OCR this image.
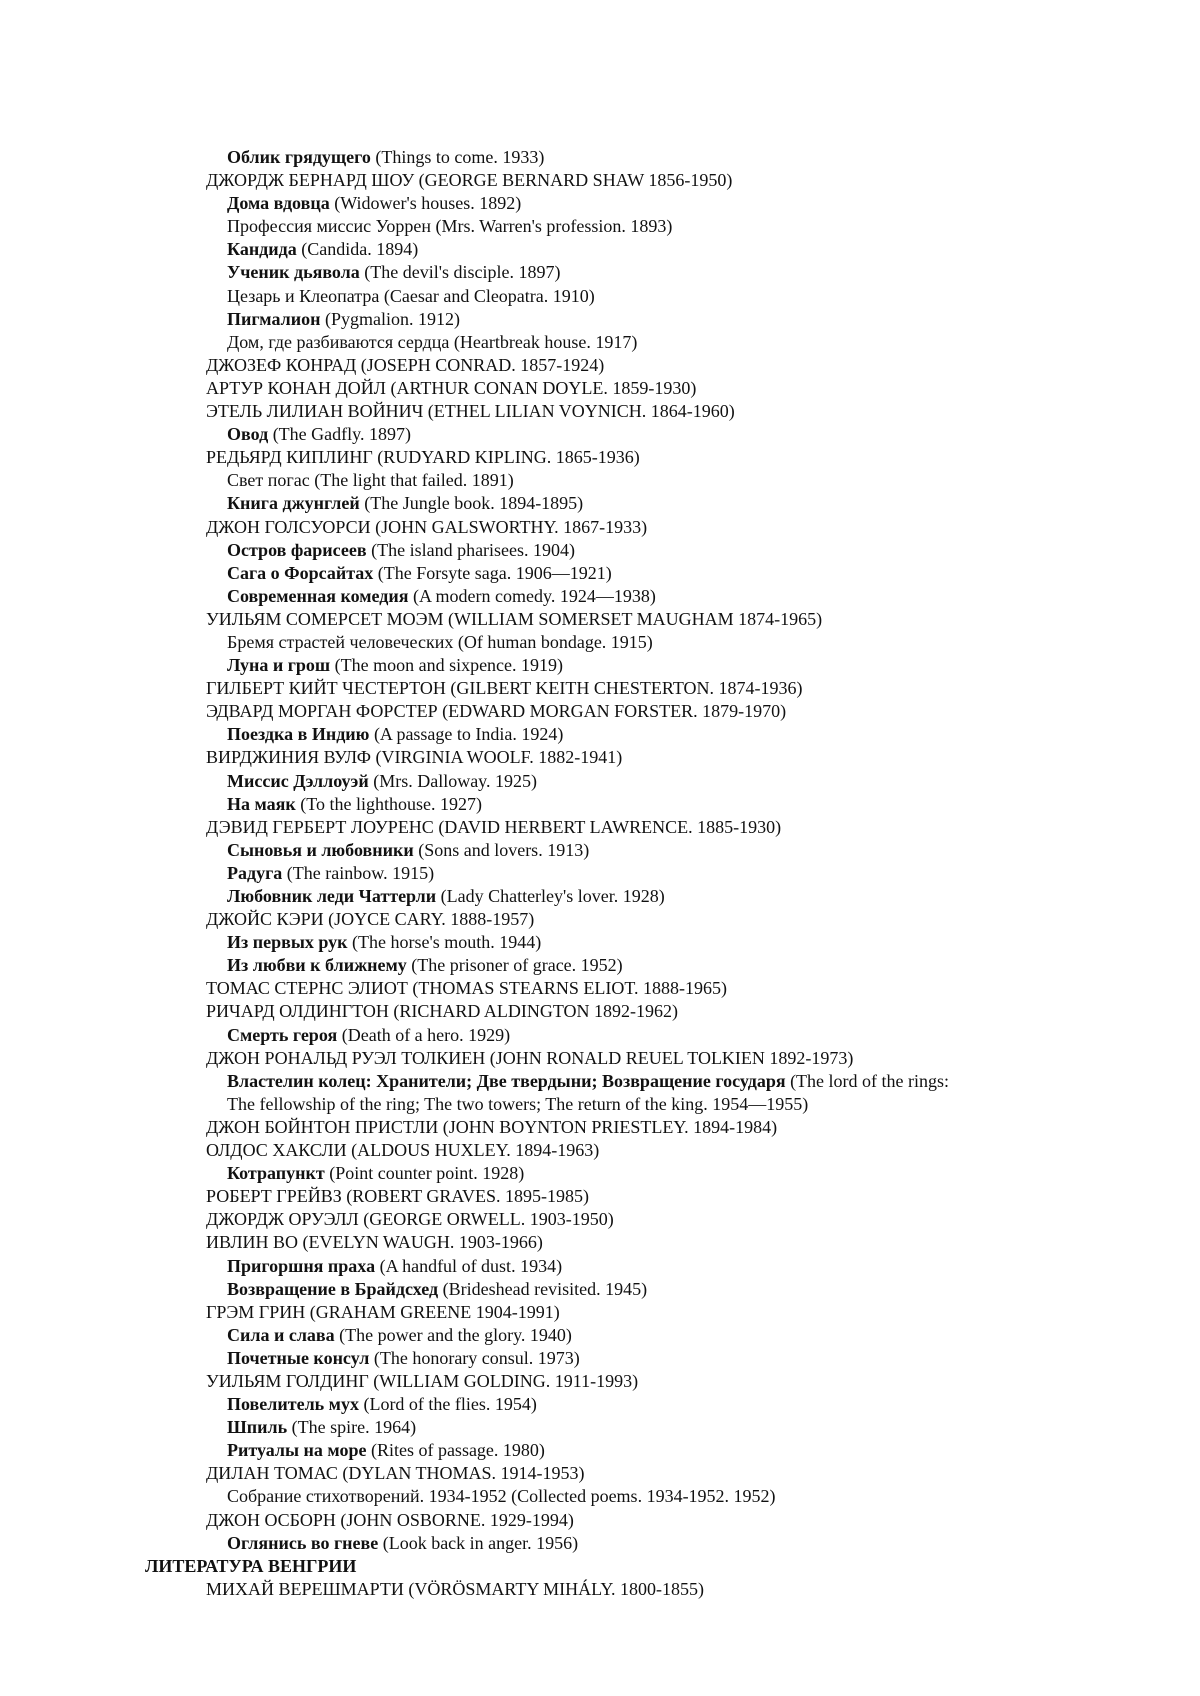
Облик грядущего (Things to come. 1933)
ДЖОРДЖ БЕРНАРД ШОУ (GEORGE BERNARD SHAW 1856-1950)
Дома вдовца (Widower's houses. 1892)
Профессия миссис Уоррен (Mrs. Warren's profession. 1893)
Кандида (Candida. 1894)
Ученик дьявола (The devil's disciple. 1897)
Цезарь и Клеопатра (Caesar and Cleopatra. 1910)
Пигмалион (Pygmalion. 1912)
Дом, где разбиваются сердца (Heartbreak house. 1917)
ДЖОЗЕФ КОНРАД (JOSEPH CONRAD. 1857-1924)
АРТУР КОНАН ДОЙЛ (ARTHUR CONAN DOYLE. 1859-1930)
ЭТЕЛЬ ЛИЛИАН ВОЙНИЧ (ETHEL LILIAN VOYNICH. 1864-1960)
Овод (The Gadfly. 1897)
РЕДЬЯРД КИПЛИНГ (RUDYARD KIPLING. 1865-1936)
Свет погас (The light that failed. 1891)
Книга джунглей (The Jungle book. 1894-1895)
ДЖОН ГОЛСУОРСИ (JOHN GALSWORTHY. 1867-1933)
Остров фарисеев (The island pharisees. 1904)
Сага о Форсайтах (The Forsyte saga. 1906—1921)
Современная комедия (A modern comedy. 1924—1938)
УИЛЬЯМ СОМЕРСЕТ МОЭМ (WILLIAM SOMERSET MAUGHAM 1874-1965)
Бремя страстей человеческих (Of human bondage. 1915)
Луна и грош (The moon and sixpence. 1919)
ГИЛБЕРТ КИЙТ ЧЕСТЕРТОН (GILBERT KEITH CHESTERTON. 1874-1936)
ЭДВАРД МОРГАН ФОРСТЕР (EDWARD MORGAN FORSTER. 1879-1970)
Поездка в Индию (A passage to India. 1924)
ВИРДЖИНИЯ ВУЛФ (VIRGINIA WOOLF. 1882-1941)
Миссис Дэллоуэй (Mrs. Dalloway. 1925)
На маяк (To the lighthouse. 1927)
ДЭВИД ГЕРБЕРТ ЛОУРЕНС (DAVID HERBERT LAWRENCE. 1885-1930)
Сыновья и любовники (Sons and lovers. 1913)
Радуга (The rainbow. 1915)
Любовник леди Чаттерли (Lady Chatterley's lover. 1928)
ДЖОЙС КЭРИ (JOYCE CARY. 1888-1957)
Из первых рук (The horse's mouth. 1944)
Из любви к ближнему (The prisoner of grace. 1952)
ТОМАС СТЕРНС ЭЛИОТ (THOMAS STEARNS ELIOT. 1888-1965)
РИЧАРД ОЛДИНГТОН (RICHARD ALDINGTON 1892-1962)
Смерть героя (Death of a hero. 1929)
ДЖОН РОНАЛЬД РУЭЛ ТОЛКИЕН (JOHN RONALD REUEL TOLKIEN 1892-1973)
Властелин колец: Хранители; Две твердыни; Возвращение государя (The lord of the rings:
The fellowship of the ring; The two towers; The return of the king. 1954—1955)
ДЖОН БОЙНТОН ПРИСТЛИ (JOHN BOYNTON PRIESTLEY. 1894-1984)
ОЛДОС ХАКСЛИ (ALDOUS HUXLEY. 1894-1963)
Котрапункт (Point counter point. 1928)
РОБЕРТ ГРЕЙВЗ (ROBERT GRAVES. 1895-1985)
ДЖОРДЖ ОРУЭЛЛ (GEORGE ORWELL. 1903-1950)
ИВЛИН ВО (EVELYN WAUGH. 1903-1966)
Пригоршня праха (A handful of dust. 1934)
Возвращение в Брайдсхед (Brideshead revisited. 1945)
ГРЭМ ГРИН (GRAHAM GREENE 1904-1991)
Сила и слава (The power and the glory. 1940)
Почетные консул (The honorary consul. 1973)
УИЛЬЯМ ГОЛДИНГ (WILLIAM GOLDING. 1911-1993)
Повелитель мух (Lord of the flies. 1954)
Шпиль (The spire. 1964)
Ритуалы на море (Rites of passage. 1980)
ДИЛАН ТОМАС (DYLAN THOMAS. 1914-1953)
Собрание стихотворений. 1934-1952 (Collected poems. 1934-1952. 1952)
ДЖОН ОСБОРН (JOHN OSBORNE. 1929-1994)
Оглянись во гневе (Look back in anger. 1956)
ЛИТЕРАТУРА ВЕНГРИИ
МИХАЙ ВЕРЕШМАРТИ (VÖRÖSMARTY MIHÁLY. 1800-1855)
